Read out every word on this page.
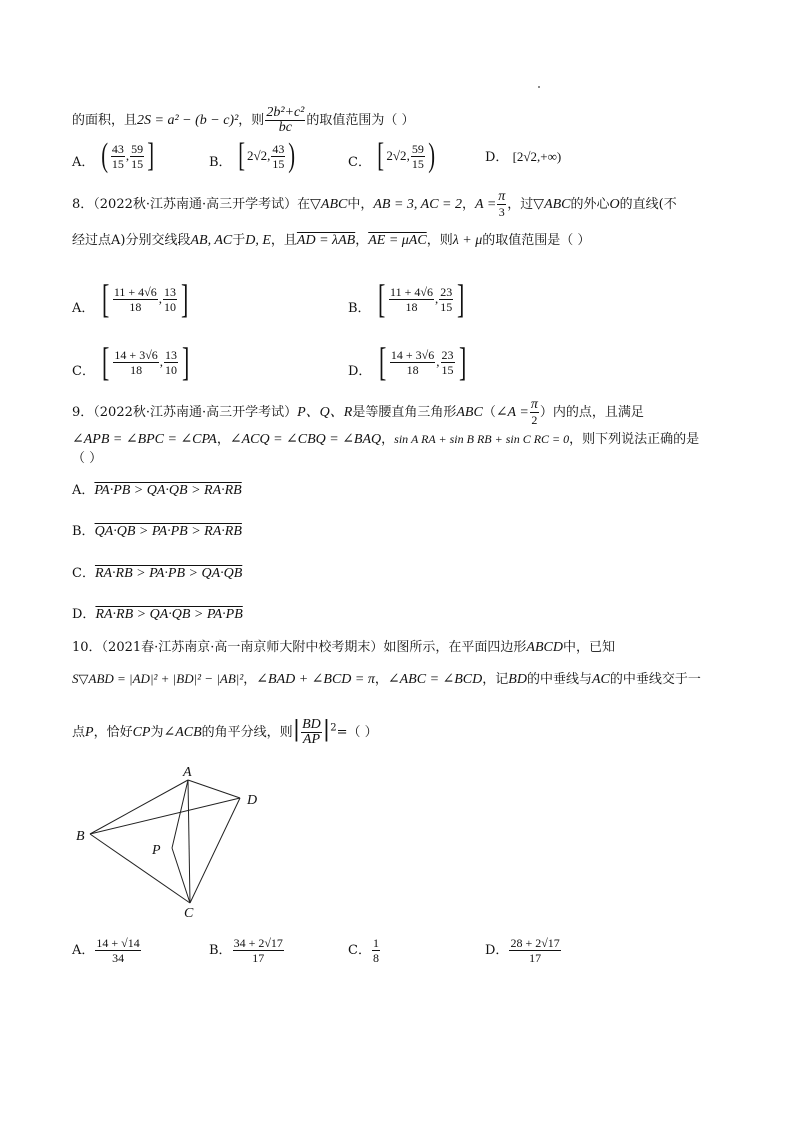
的面积，且2S = a² − (b − c)²，则 $\frac{\text{2b²+c²}}{bc}$ 的取值范围为（ ）
A． ( $\frac{43}{15}$ , $\frac{59}{15}$ ]	B． [ 2√2 , $\frac{43}{15}$ )	C． [ 2√2 , $\frac{59}{15}$ )	D． [ 2√2,+∞ )
8．（2022秋·江苏南通·高三开学考试）在▽ABC中，AB = 3, AC = 2，$A = \frac{\pi}{3}$ ，过▽ABC的外心O的直线(不
经过点A)分别交线段AB, AC于D, E，且AD = λAB，AE = μAC，则λ + μ的取值范围是（ ）
A． [ $\frac{11 + 4√6}{18}$ , $\frac{13}{10}$ ]	B． [ $\frac{11 + 4√6}{18}$ , $\frac{23}{15}$ ]
C． [ $\frac{14 + 3√6}{18}$ , $\frac{13}{10}$ ]	D． [ $\frac{14 + 3√6}{18}$ , $\frac{23}{15}$ ]
9．（2022秋·江苏南通·高三开学考试）P、Q、R是等腰直角三角形ABC（∠A = $\frac{\pi}{2}$ ）内的点，且满足
∠APB = ∠BPC = ∠CPA，∠ACQ = ∠CBQ = ∠BAQ，sin A RA + sin B RB + sin C RC = 0，则下列说法正确的是
（ ）
A．PA·PB > QA·QB > RA·RB
B．QA·QB > PA·PB > RA·RB
C．RA·RB > PA·PB > QA·QB
D．RA·RB > QA·QB > PA·PB
10．（2021春·江苏南京·高一南京师大附中校考期末）如图所示，在平面四边形ABCD中，已知
S▽ABD = |AD|² + |BD|² − |AB|²，∠BAD + ∠BCD = π，∠ABC = ∠BCD，记BD的中垂线与AC的中垂线交于一
点P，恰好CP为∠ACB的角平分线，则| $\frac{BD}{AP} |^2=$（ ）
A
B
C
D
P
A． $\frac{14 + √14}{34}$	B． $\frac{34 + 2√17}{17}$	C． $\frac{1}{8}$	D． $\frac{28 + 2√17}{17}$
